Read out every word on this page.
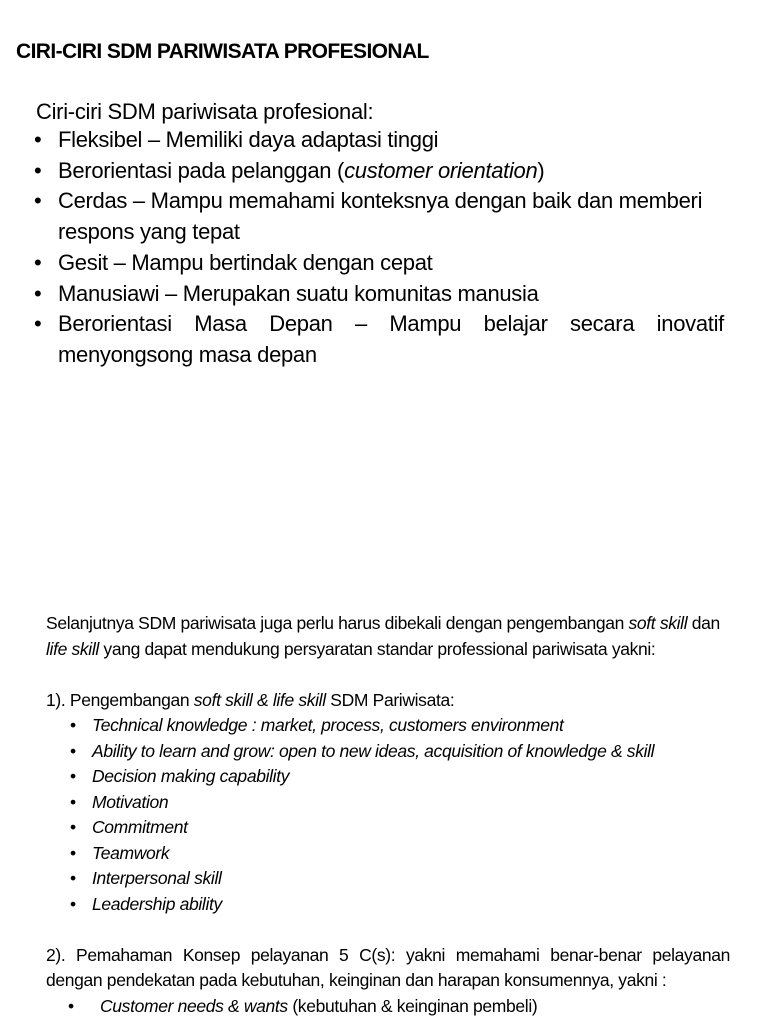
CIRI-CIRI SDM PARIWISATA PROFESIONAL
Ciri-ciri SDM pariwisata profesional:
• Fleksibel – Memiliki daya adaptasi tinggi
• Berorientasi pada pelanggan (customer orientation)
• Cerdas – Mampu memahami konteksnya dengan baik dan memberi respons yang tepat
• Gesit – Mampu bertindak dengan cepat
• Manusiawi – Merupakan suatu komunitas manusia
• Berorientasi Masa Depan – Mampu belajar secara inovatif menyongsong masa depan

Selanjutnya SDM pariwisata juga perlu harus dibekali dengan pengembangan soft skill dan life skill yang dapat mendukung persyaratan standar professional pariwisata yakni:

1). Pengembangan soft skill & life skill SDM Pariwisata:

• Technical knowledge : market, process, customers environment
• Ability to learn and grow: open to new ideas, acquisition of knowledge & skill
• Decision making capability
• Motivation
• Commitment
• Teamwork
• Interpersonal skill
• Leadership ability

2). Pemahaman Konsep pelayanan 5 C(s): yakni memahami benar-benar pelayanan dengan pendekatan pada kebutuhan, keinginan dan harapan konsumennya, yakni :

• Customer needs & wants (kebutuhan & keinginan pembeli)
